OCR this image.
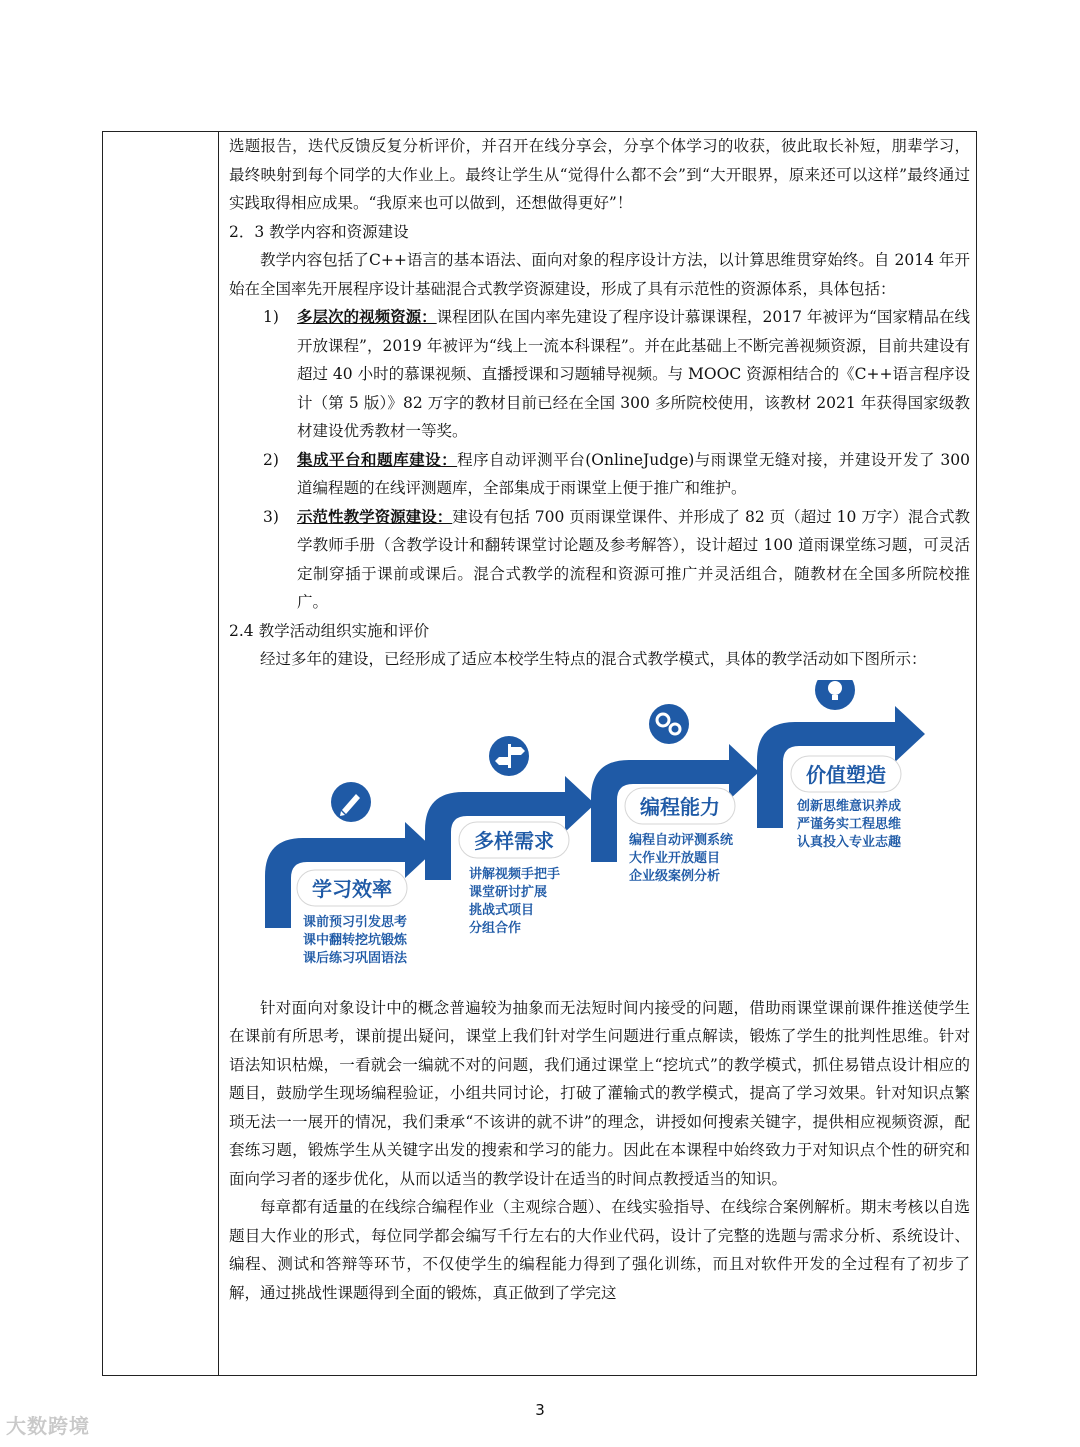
选题报告，迭代反馈反复分析评价，并召开在线分享会，分享个体学习的收获，彼此取长补短，朋辈学习，最终映射到每个同学的大作业上。最终让学生从“觉得什么都不会”到“大开眼界，原来还可以这样”最终通过实践取得相应成果。“我原来也可以做到，还想做得更好”！

2．3 教学内容和资源建设

教学内容包括了C++语言的基本语法、面向对象的程序设计方法，以计算思维贯穿始终。自 2014 年开始在全国率先开展程序设计基础混合式教学资源建设，形成了具有示范性的资源体系，具体包括：

1) 多层次的视频资源：课程团队在国内率先建设了程序设计慕课课程，2017 年被评为“国家精品在线开放课程”，2019 年被评为“线上一流本科课程”。并在此基础上不断完善视频资源，目前共建设有超过 40 小时的慕课视频、直播授课和习题辅导视频。与 MOOC 资源相结合的《C++语言程序设计（第 5 版）》82 万字的教材目前已经在全国 300 多所院校使用，该教材 2021 年获得国家级教材建设优秀教材一等奖。
2) 集成平台和题库建设：程序自动评测平台(OnlineJudge)与雨课堂无缝对接，并建设开发了 300 道编程题的在线评测题库，全部集成于雨课堂上便于推广和维护。
3) 示范性教学资源建设：建设有包括 700 页雨课堂课件、并形成了 82 页（超过 10 万字）混合式教学教师手册（含教学设计和翻转课堂讨论题及参考解答），设计超过 100 道雨课堂练习题，可灵活定制穿插于课前或课后。混合式教学的流程和资源可推广并灵活组合，随教材在全国多所院校推广。

2.4 教学活动组织实施和评价

经过多年的建设，已经形成了适应本校学生特点的混合式教学模式，具体的教学活动如下图所示：

学习效率
多样需求
编程能力
价值塑造
课前预习引发思考
课中翻转挖坑锻炼
课后练习巩固语法
讲解视频手把手
课堂研讨扩展
挑战式项目
分组合作
编程自动评测系统
大作业开放题目
企业级案例分析
创新思维意识养成
严谨务实工程思维
认真投入专业志趣

针对面向对象设计中的概念普遍较为抽象而无法短时间内接受的问题，借助雨课堂课前课件推送使学生在课前有所思考，课前提出疑问，课堂上我们针对学生问题进行重点解读，锻炼了学生的批判性思维。针对语法知识枯燥，一看就会一编就不对的问题，我们通过课堂上“挖坑式”的教学模式，抓住易错点设计相应的题目，鼓励学生现场编程验证，小组共同讨论，打破了灌输式的教学模式，提高了学习效果。针对知识点繁琐无法一一展开的情况，我们秉承“不该讲的就不讲”的理念，讲授如何搜索关键字，提供相应视频资源，配套练习题，锻炼学生从关键字出发的搜索和学习的能力。因此在本课程中始终致力于对知识点个性的研究和面向学习者的逐步优化，从而以适当的教学设计在适当的时间点教授适当的知识。

每章都有适量的在线综合编程作业（主观综合题）、在线实验指导、在线综合案例解析。期末考核以自选题目大作业的形式，每位同学都会编写千行左右的大作业代码，设计了完整的选题与需求分析、系统设计、编程、测试和答辩等环节，不仅使学生的编程能力得到了强化训练，而且对软件开发的全过程有了初步了解，通过挑战性课题得到全面的锻炼，真正做到了学完这

3
大数跨境
